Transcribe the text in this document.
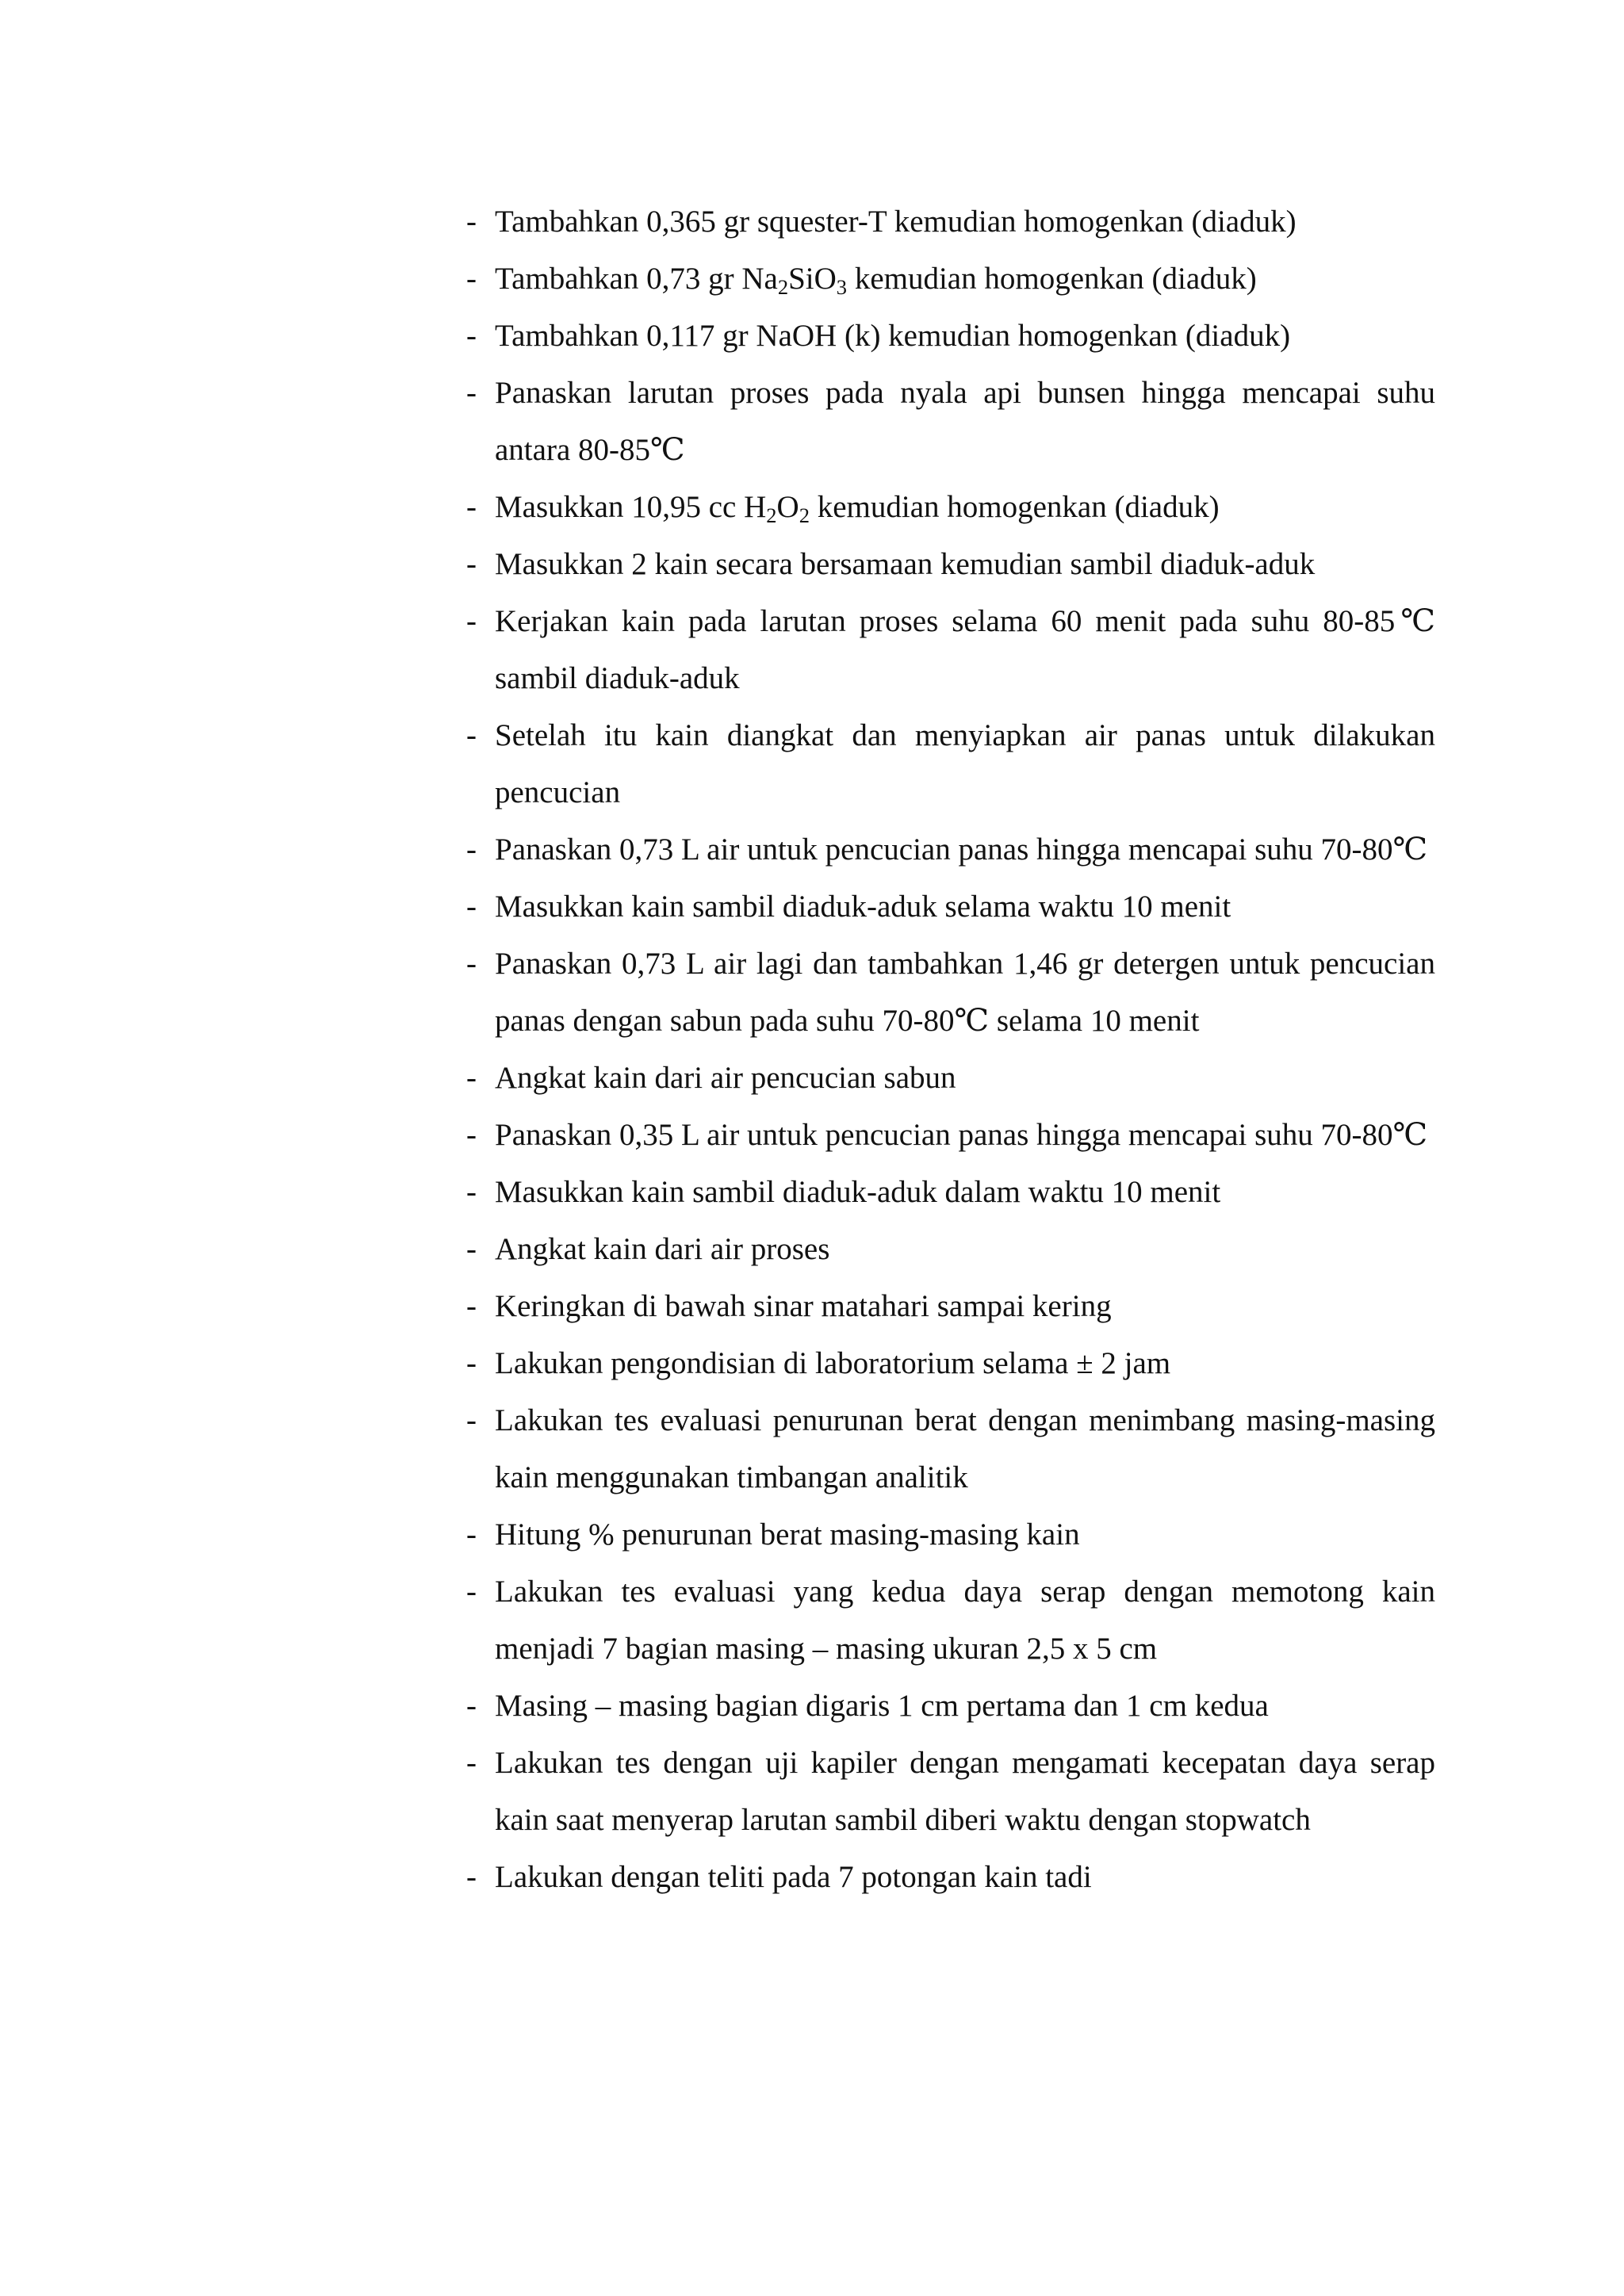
- Tambahkan 0,365 gr squester-T kemudian homogenkan (diaduk)
- Tambahkan 0,73 gr $Na_2SiO_3$ kemudian homogenkan (diaduk)
- Tambahkan 0,117 gr NaOH (k) kemudian homogenkan (diaduk)
- Panaskan larutan proses pada nyala api bunsen hingga mencapai suhu antara 80-85℃
- Masukkan 10,95 cc $H_2O_2$ kemudian homogenkan (diaduk)
- Masukkan 2 kain secara bersamaan kemudian sambil diaduk-aduk
- Kerjakan kain pada larutan proses selama 60 menit pada suhu 80-85℃ sambil diaduk-aduk
- Setelah itu kain diangkat dan menyiapkan air panas untuk dilakukan pencucian
- Panaskan 0,73 L air untuk pencucian panas hingga mencapai suhu 70-80℃
- Masukkan kain sambil diaduk-aduk selama waktu 10 menit
- Panaskan 0,73 L air lagi dan tambahkan 1,46 gr detergen untuk pencucian panas dengan sabun pada suhu 70-80℃ selama 10 menit
- Angkat kain dari air pencucian sabun
- Panaskan 0,35 L air untuk pencucian panas hingga mencapai suhu 70-80℃
- Masukkan kain sambil diaduk-aduk dalam waktu 10 menit
- Angkat kain dari air proses
- Keringkan di bawah sinar matahari sampai kering
- Lakukan pengondisian di laboratorium selama ± 2 jam
- Lakukan tes evaluasi penurunan berat dengan menimbang masing-masing kain menggunakan timbangan analitik
- Hitung % penurunan berat masing-masing kain
- Lakukan tes evaluasi yang kedua daya serap dengan memotong kain menjadi 7 bagian masing – masing ukuran 2,5 x 5 cm
- Masing – masing bagian digaris 1 cm pertama dan 1 cm kedua
- Lakukan tes dengan uji kapiler dengan mengamati kecepatan daya serap kain saat menyerap larutan sambil diberi waktu dengan stopwatch
- Lakukan dengan teliti pada 7 potongan kain tadi
